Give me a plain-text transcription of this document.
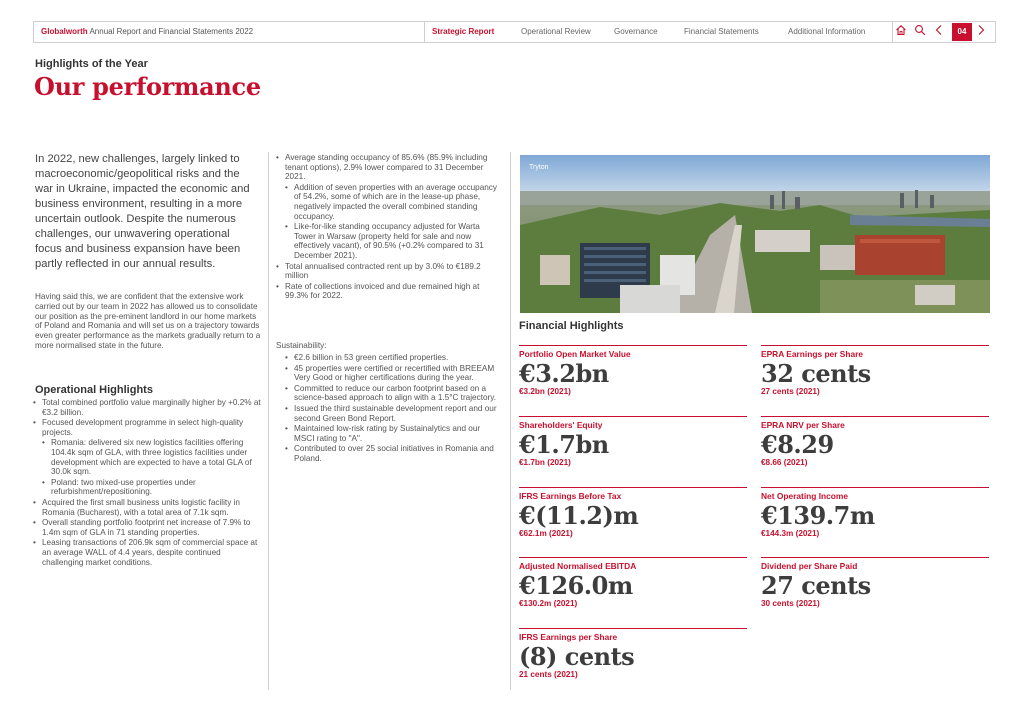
Globalworth Annual Report and Financial Statements 2022	Strategic Report	Operational Review	Governance	Financial Statements	Additional Information	04
Highlights of the Year
Our performance
In 2022, new challenges, largely linked to macroeconomic/geopolitical risks and the war in Ukraine, impacted the economic and business environment, resulting in a more uncertain outlook. Despite the numerous challenges, our unwavering operational focus and business expansion have been partly reflected in our annual results.
Having said this, we are confident that the extensive work carried out by our team in 2022 has allowed us to consolidate our position as the pre-eminent landlord in our home markets of Poland and Romania and will set us on a trajectory towards even greater performance as the markets gradually return to a more normalised state in the future.
Operational Highlights
• Total combined portfolio value marginally higher by +0.2% at €3.2 billion.
• Focused development programme in select high-quality projects.
• Romania: delivered six new logistics facilities offering 104.4k sqm of GLA, with three logistics facilities under development which are expected to have a total GLA of 30.0k sqm.
• Poland: two mixed-use properties under refurbishment/repositioning.
• Acquired the first small business units logistic facility in Romania (Bucharest), with a total area of 7.1k sqm.
• Overall standing portfolio footprint net increase of 7.9% to 1.4m sqm of GLA in 71 standing properties.
• Leasing transactions of 206.9k sqm of commercial space at an average WALL of 4.4 years, despite continued challenging market conditions.
• Average standing occupancy of 85.6% (85.9% including tenant options), 2.9% lower compared to 31 December 2021.
• Addition of seven properties with an average occupancy of 54.2%, some of which are in the lease-up phase, negatively impacted the overall combined standing occupancy.
• Like-for-like standing occupancy adjusted for Warta Tower in Warsaw (property held for sale and now effectively vacant), of 90.5% (+0.2% compared to 31 December 2021).
• Total annualised contracted rent up by 3.0% to €189.2 million
• Rate of collections invoiced and due remained high at 99.3% for 2022.
Sustainability:
• €2.6 billion in 53 green certified properties.
• 45 properties were certified or recertified with BREEAM Very Good or higher certifications during the year.
• Committed to reduce our carbon footprint based on a science-based approach to align with a 1.5°C trajectory.
• Issued the third sustainable development report and our second Green Bond Report.
• Maintained low-risk rating by Sustainalytics and our MSCI rating to "A".
• Contributed to over 25 social initiatives in Romania and Poland.
Tryton
Financial Highlights
Portfolio Open Market Value
€3.2bn
€3.2bn (2021)
EPRA Earnings per Share
32 cents
27 cents (2021)
Shareholders' Equity
€1.7bn
€1.7bn (2021)
EPRA NRV per Share
€8.29
€8.66 (2021)
IFRS Earnings Before Tax
€(11.2)m
€62.1m (2021)
Net Operating Income
€139.7m
€144.3m (2021)
Adjusted Normalised EBITDA
€126.0m
€130.2m (2021)
Dividend per Share Paid
27 cents
30 cents (2021)
IFRS Earnings per Share
(8) cents
21 cents (2021)
